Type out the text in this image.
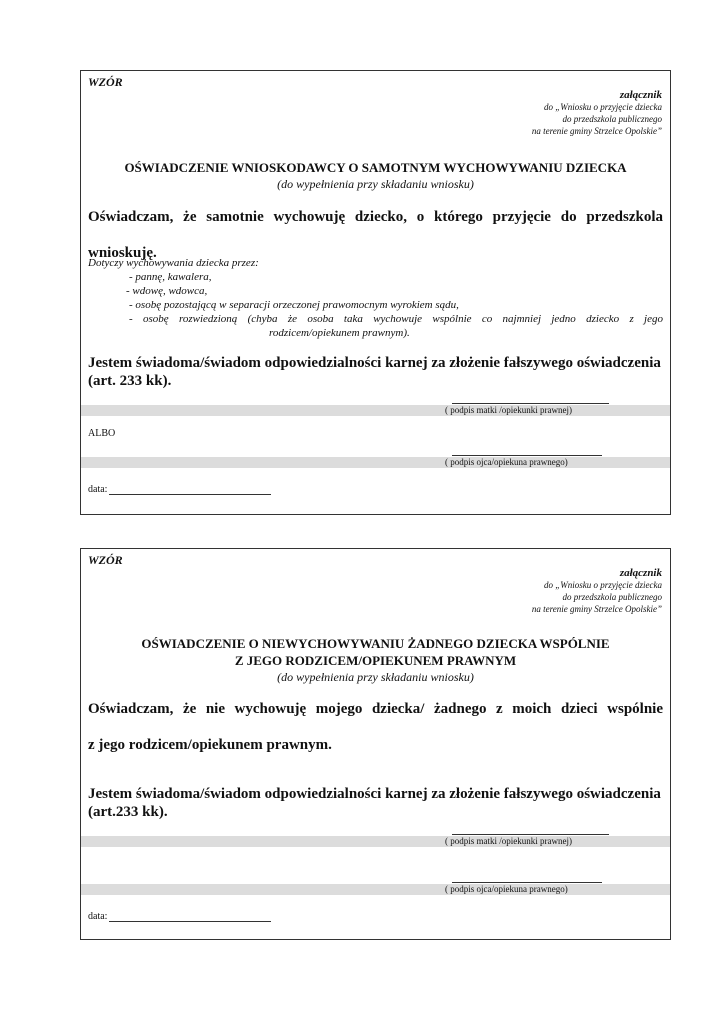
WZÓR
załącznik
do „Wniosku o przyjęcie dziecka
do przedszkola publicznego
na terenie gminy Strzelce Opolskie”
OŚWIADCZENIE WNIOSKODAWCY O SAMOTNYM WYCHOWYWANIU DZIECKA
(do wypełnienia przy składaniu wniosku)
Oświadczam, że samotnie wychowuję dziecko, o którego przyjęcie do przedszkola
wnioskuję.
Dotyczy wychowywania dziecka przez:
- pannę, kawalera,
- wdowę, wdowca,
- osobę pozostającą w separacji orzeczonej prawomocnym wyrokiem sądu,
- osobę rozwiedzioną (chyba że osoba taka wychowuje wspólnie co najmniej jedno dziecko z jego
rodzicem/opiekunem prawnym).
Jestem świadoma/świadom odpowiedzialności karnej za złożenie fałszywego oświadczenia
(art. 233 kk).
( podpis matki /opiekunki prawnej)
ALBO
( podpis ojca/opiekuna prawnego)
data:
WZÓR
załącznik
do „Wniosku o przyjęcie dziecka
do przedszkola publicznego
na terenie gminy Strzelce Opolskie”
OŚWIADCZENIE O NIEWYCHOWYWANIU ŻADNEGO DZIECKA WSPÓLNIE
Z JEGO RODZICEM/OPIEKUNEM PRAWNYM
(do wypełnienia przy składaniu wniosku)
Oświadczam, że nie wychowuję mojego dziecka/ żadnego z moich dzieci wspólnie
z jego rodzicem/opiekunem prawnym.
Jestem świadoma/świadom odpowiedzialności karnej za złożenie fałszywego oświadczenia
(art.233 kk).
( podpis matki /opiekunki prawnej)
( podpis ojca/opiekuna prawnego)
data:
